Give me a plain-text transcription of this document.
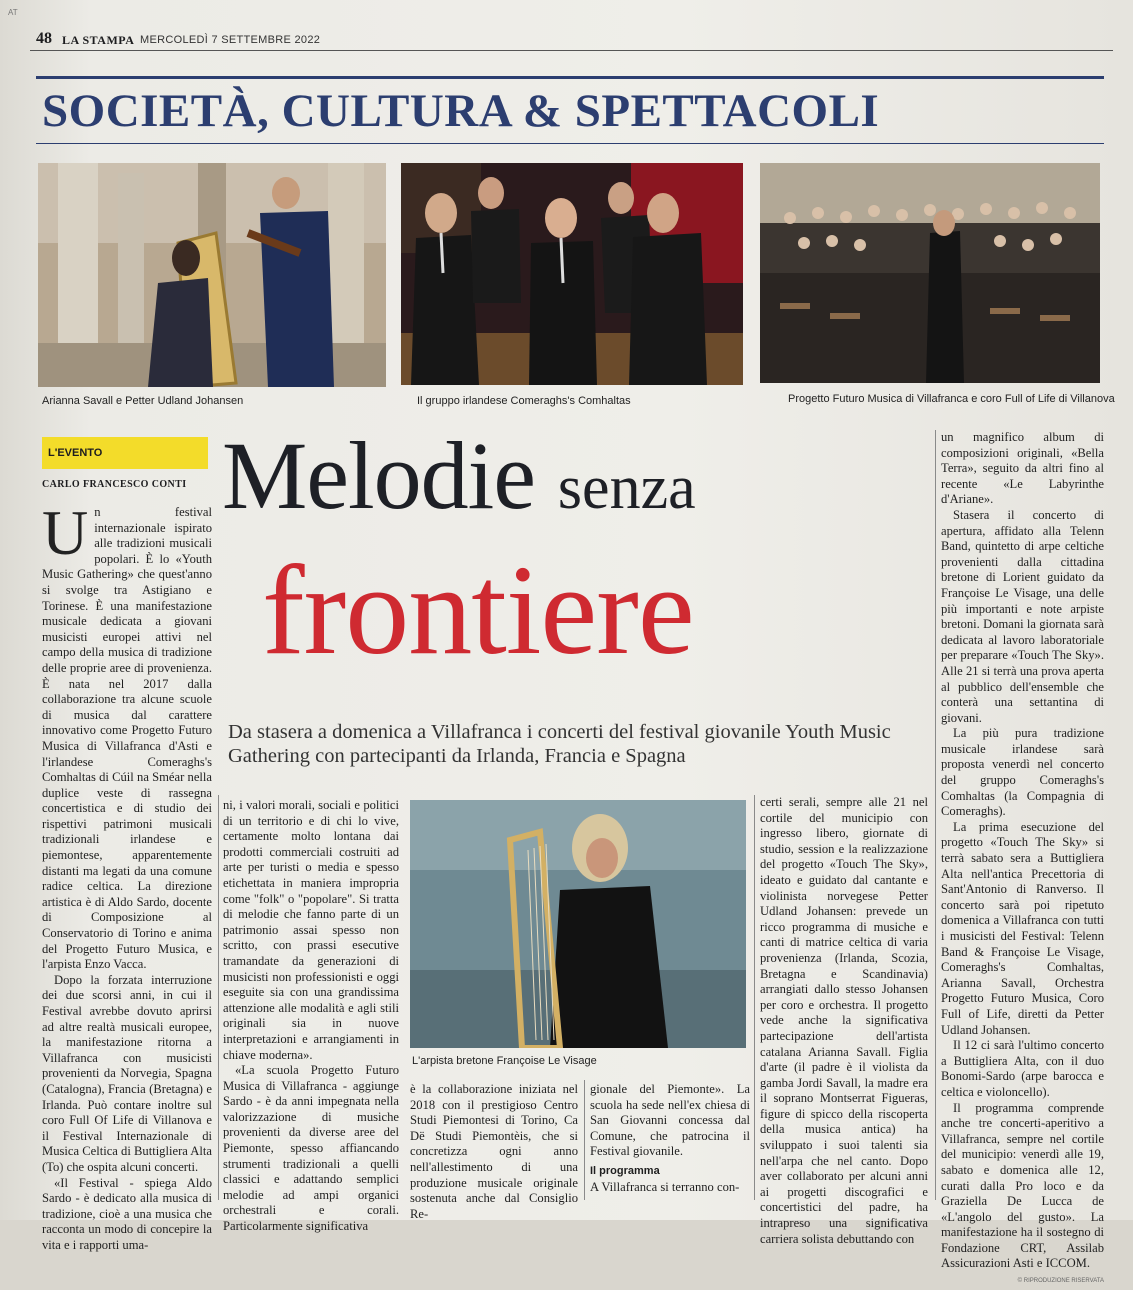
AT
48 LA STAMPA MERCOLEDÌ 7 SETTEMBRE 2022
SOCIETÀ, CULTURA & SPETTACOLI
Arianna Savall e Petter Udland Johansen	Il gruppo irlandese Comeraghs's Comhaltas	Progetto Futuro Musica di Villafranca e coro Full of Life di Villanova
L'EVENTO
CARLO FRANCESCO CONTI Melodie senza
frontiere
Da stasera a domenica a Villafranca i concerti del festival giovanile Youth Music Gathering con partecipanti da Irlanda, Francia e Spagna

Un festival internazionale ispirato alle tradizioni musicali popolari. È lo «Youth Music Gathering» che quest'anno si svolge tra Astigiano e Torinese. È una manifestazione musicale dedicata a giovani musicisti europei attivi nel campo della musica di tradizione delle proprie aree di provenienza. È nata nel 2017 dalla collaborazione tra alcune scuole di musica dal carattere innovativo come Progetto Futuro Musica di Villafranca d'Asti e l'irlandese Comeraghs's Comhaltas di Cúil na Sméar nella duplice veste di rassegna concertistica e di studio dei rispettivi patrimoni musicali tradizionali irlandese e piemontese, apparentemente distanti ma legati da una comune radice celtica. La direzione artistica è di Aldo Sardo, docente di Composizione al Conservatorio di Torino e anima del Progetto Futuro Musica, e l'arpista Enzo Vacca.

Dopo la forzata interruzione dei due scorsi anni, in cui il Festival avrebbe dovuto aprirsi ad altre realtà musicali europee, la manifestazione ritorna a Villafranca con musicisti provenienti da Norvegia, Spagna (Catalogna), Francia (Bretagna) e Irlanda. Può contare inoltre sul coro Full Of Life di Villanova e il Festival Internazionale di Musica Celtica di Buttigliera Alta (To) che ospita alcuni concerti.

«Il Festival - spiega Aldo Sardo - è dedicato alla musica di tradizione, cioè a una musica che racconta un modo di concepire la vita e i rapporti uma-

ni, i valori morali, sociali e politici di un territorio e di chi lo vive, certamente molto lontana dai prodotti commerciali costruiti ad arte per turisti o media e spesso etichettata in maniera impropria come "folk" o "popolare". Si tratta di melodie che fanno parte di un patrimonio assai spesso non scritto, con prassi esecutive tramandate da generazioni di musicisti non professionisti e oggi eseguite sia con una grandissima attenzione alle modalità e agli stili originali sia in nuove interpretazioni e arrangiamenti in chiave moderna».

«La scuola Progetto Futuro Musica di Villafranca - aggiunge Sardo - è da anni impegnata nella valorizzazione di musiche provenienti da diverse aree del Piemonte, spesso affiancando strumenti tradizionali a quelli classici e adattando semplici melodie ad ampi organici orchestrali e corali. Particolarmente significativa

L'arpista bretone Françoise Le Visage

è la collaborazione iniziata nel 2018 con il prestigioso Centro Studi Piemontesi di Torino, Ca Dë Studi Piemontèis, che si concretizza ogni anno nell'allestimento di una produzione musicale originale sostenuta anche dal Consiglio Re-

gionale del Piemonte». La scuola ha sede nell'ex chiesa di San Giovanni concessa dal Comune, che patrocina il Festival giovanile.

Il programma

A Villafranca si terranno con-

certi serali, sempre alle 21 nel cortile del municipio con ingresso libero, giornate di studio, session e la realizzazione del progetto «Touch The Sky», ideato e guidato dal cantante e violinista norvegese Petter Udland Johansen: prevede un ricco programma di musiche e canti di matrice celtica di varia provenienza (Irlanda, Scozia, Bretagna e Scandinavia) arrangiati dallo stesso Johansen per coro e orchestra. Il progetto vede anche la significativa partecipazione dell'artista catalana Arianna Savall. Figlia d'arte (il padre è il violista da gamba Jordi Savall, la madre era il soprano Montserrat Figueras, figure di spicco della riscoperta della musica antica) ha sviluppato i suoi talenti sia nell'arpa che nel canto. Dopo aver collaborato per alcuni anni ai progetti discografici e concertistici del padre, ha intrapreso una significativa carriera solista debuttando con

un magnifico album di composizioni originali, «Bella Terra», seguito da altri fino al recente «Le Labyrinthe d'Ariane».

Stasera il concerto di apertura, affidato alla Telenn Band, quintetto di arpe celtiche provenienti dalla cittadina bretone di Lorient guidato da Françoise Le Visage, una delle più importanti e note arpiste bretoni. Domani la giornata sarà dedicata al lavoro laboratoriale per preparare «Touch The Sky». Alle 21 si terrà una prova aperta al pubblico dell'ensemble che conterà una settantina di giovani.

La più pura tradizione musicale irlandese sarà proposta venerdì nel concerto del gruppo Comeraghs's Comhaltas (la Compagnia di Comeraghs).

La prima esecuzione del progetto «Touch The Sky» si terrà sabato sera a Buttigliera Alta nell'antica Precettoria di Sant'Antonio di Ranverso. Il concerto sarà poi ripetuto domenica a Villafranca con tutti i musicisti del Festival: Telenn Band & Françoise Le Visage, Comeraghs's Comhaltas, Arianna Savall, Orchestra Progetto Futuro Musica, Coro Full of Life, diretti da Petter Udland Johansen.

Il 12 ci sarà l'ultimo concerto a Buttigliera Alta, con il duo Bonomi-Sardo (arpe barocca e celtica e violoncello).

Il programma comprende anche tre concerti-aperitivo a Villafranca, sempre nel cortile del municipio: venerdì alle 19, sabato e domenica alle 12, curati dalla Pro loco e da Graziella De Lucca de «L'angolo del gusto». La manifestazione ha il sostegno di Fondazione CRT, Assilab Assicurazioni Asti e ICCOM.

© RIPRODUZIONE RISERVATA
